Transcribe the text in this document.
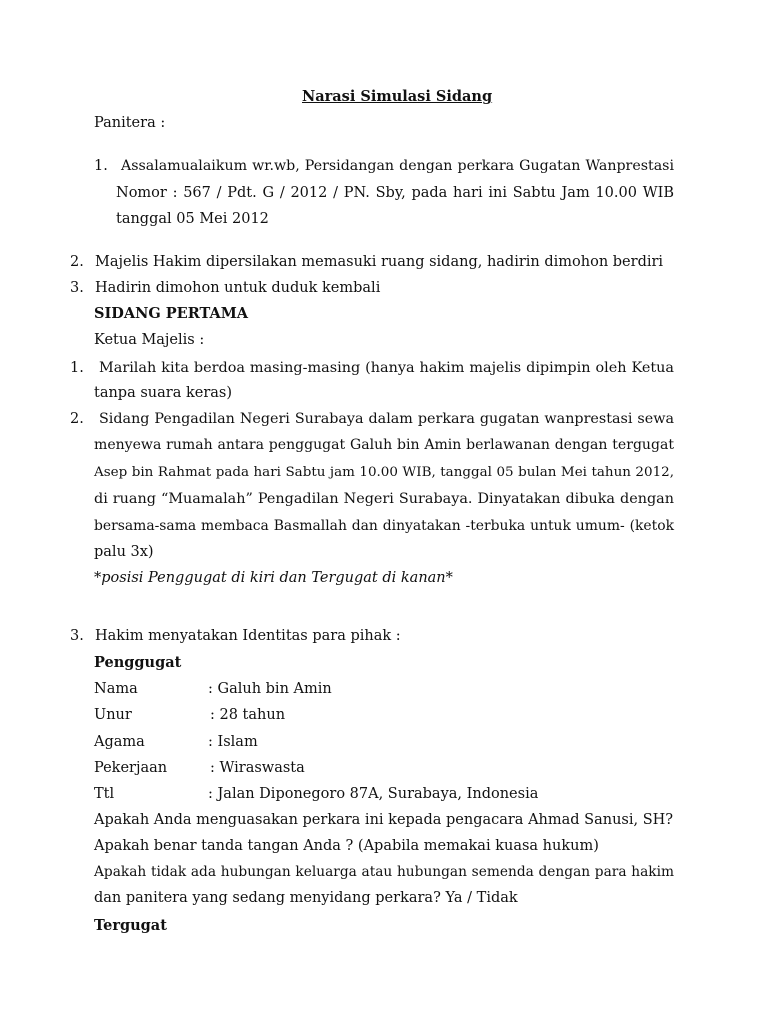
Narasi Simulasi Sidang
Panitera :
1. Assalamualaikum wr.wb, Persidangan dengan perkara Gugatan Wanprestasi
Nomor : 567 / Pdt. G / 2012 / PN. Sby, pada hari ini Sabtu Jam 10.00 WIB
tanggal 05 Mei 2012
2. Majelis Hakim dipersilakan memasuki ruang sidang, hadirin dimohon berdiri
3. Hadirin dimohon untuk duduk kembali
SIDANG PERTAMA
Ketua Majelis :
1. Marilah kita berdoa masing-masing (hanya hakim majelis dipimpin oleh Ketua
tanpa suara keras)
2. Sidang Pengadilan Negeri Surabaya dalam perkara gugatan wanprestasi sewa
menyewa rumah antara penggugat Galuh bin Amin berlawanan dengan tergugat
Asep bin Rahmat pada hari Sabtu jam 10.00 WIB, tanggal 05 bulan Mei tahun 2012,
di ruang “Muamalah” Pengadilan Negeri Surabaya. Dinyatakan dibuka dengan
bersama-sama membaca Basmallah dan dinyatakan -terbuka untuk umum- (ketok
palu 3x)
*posisi Penggugat di kiri dan Tergugat di kanan*
3. Hakim menyatakan Identitas para pihak :
Penggugat
Nama	: Galuh bin Amin
Unur	: 28 tahun
Agama	: Islam
Pekerjaan	: Wiraswasta
Ttl	: Jalan Diponegoro 87A, Surabaya, Indonesia
Apakah Anda menguasakan perkara ini kepada pengacara Ahmad Sanusi, SH?
Apakah benar tanda tangan Anda ? (Apabila memakai kuasa hukum)
Apakah tidak ada hubungan keluarga atau hubungan semenda dengan para hakim
dan panitera yang sedang menyidang perkara? Ya / Tidak
Tergugat
